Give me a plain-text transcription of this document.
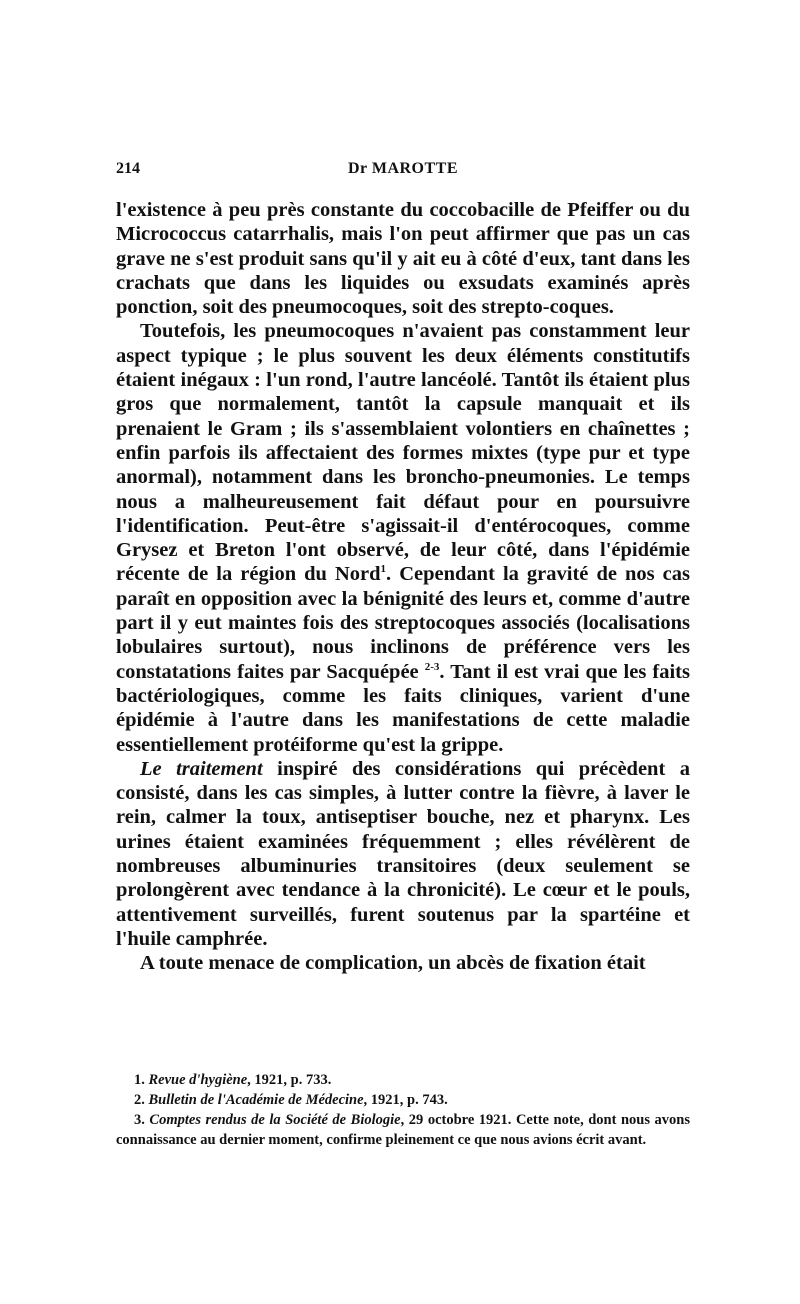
214	Dr MAROTTE

l'existence à peu près constante du coccobacille de Pfeiffer ou du Micrococcus catarrhalis, mais l'on peut affirmer que pas un cas grave ne s'est produit sans qu'il y ait eu à côté d'eux, tant dans les crachats que dans les liquides ou exsudats examinés après ponction, soit des pneumocoques, soit des strepto-coques.

Toutefois, les pneumocoques n'avaient pas constamment leur aspect typique ; le plus souvent les deux éléments constitutifs étaient inégaux : l'un rond, l'autre lancéolé. Tantôt ils étaient plus gros que normalement, tantôt la capsule manquait et ils prenaient le Gram ; ils s'assemblaient volontiers en chaînettes ; enfin parfois ils affectaient des formes mixtes (type pur et type anormal), notamment dans les broncho-pneumonies. Le temps nous a malheureusement fait défaut pour en poursuivre l'identification. Peut-être s'agissait-il d'entérocoques, comme Grysez et Breton l'ont observé, de leur côté, dans l'épidémie récente de la région du Nord$^1$. Cependant la gravité de nos cas paraît en opposition avec la bénignité des leurs et, comme d'autre part il y eut maintes fois des streptocoques associés (localisations lobulaires surtout), nous inclinons de préférence vers les constatations faites par Sacquépée $^{2-3}$. Tant il est vrai que les faits bactériologiques, comme les faits cliniques, varient d'une épidémie à l'autre dans les manifestations de cette maladie essentiellement protéiforme qu'est la grippe.

Le traitement inspiré des considérations qui précèdent a consisté, dans les cas simples, à lutter contre la fièvre, à laver le rein, calmer la toux, antiseptiser bouche, nez et pharynx. Les urines étaient examinées fréquemment ; elles révélèrent de nombreuses albuminuries transitoires (deux seulement se prolongèrent avec tendance à la chronicité). Le cœur et le pouls, attentivement surveillés, furent soutenus par la spartéine et l'huile camphrée.

A toute menace de complication, un abcès de fixation était

1. Revue d'hygiène, 1921, p. 733.

2. Bulletin de l'Académie de Médecine, 1921, p. 743.

3. Comptes rendus de la Société de Biologie, 29 octobre 1921. Cette note, dont nous avons connaissance au dernier moment, confirme pleinement ce que nous avions écrit avant.
